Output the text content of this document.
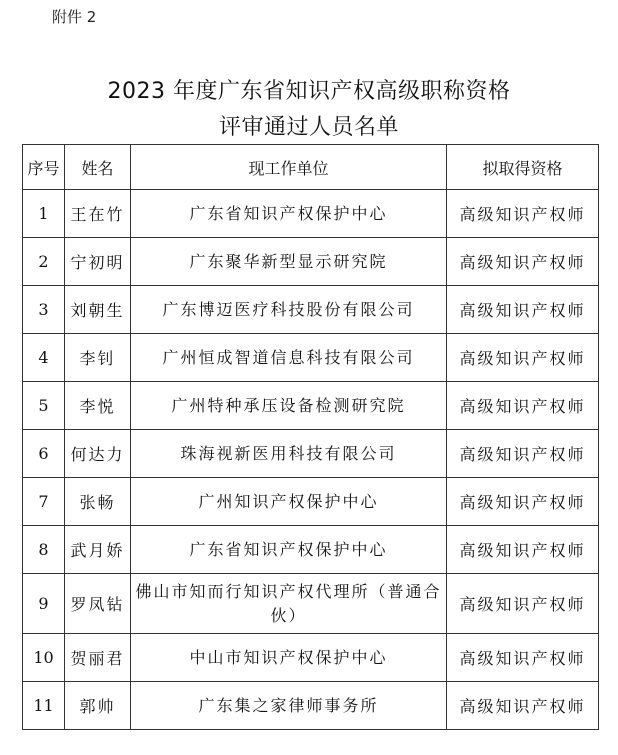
附件 2
2023 年度广东省知识产权高级职称资格
评审通过人员名单
序号	姓名	现工作单位	拟取得资格
1	王在竹	广东省知识产权保护中心	高级知识产权师
2	宁初明	广东聚华新型显示研究院	高级知识产权师
3	刘朝生	广东博迈医疗科技股份有限公司	高级知识产权师
4	李钊	广州恒成智道信息科技有限公司	高级知识产权师
5	李悦	广州特种承压设备检测研究院	高级知识产权师
6	何达力	珠海视新医用科技有限公司	高级知识产权师
7	张畅	广州知识产权保护中心	高级知识产权师
8	武月娇	广东省知识产权保护中心	高级知识产权师
9	罗凤钻	佛山市知而行知识产权代理所（普通合伙）	高级知识产权师
10	贺丽君	中山市知识产权保护中心	高级知识产权师
11	郭帅	广东集之家律师事务所	高级知识产权师
